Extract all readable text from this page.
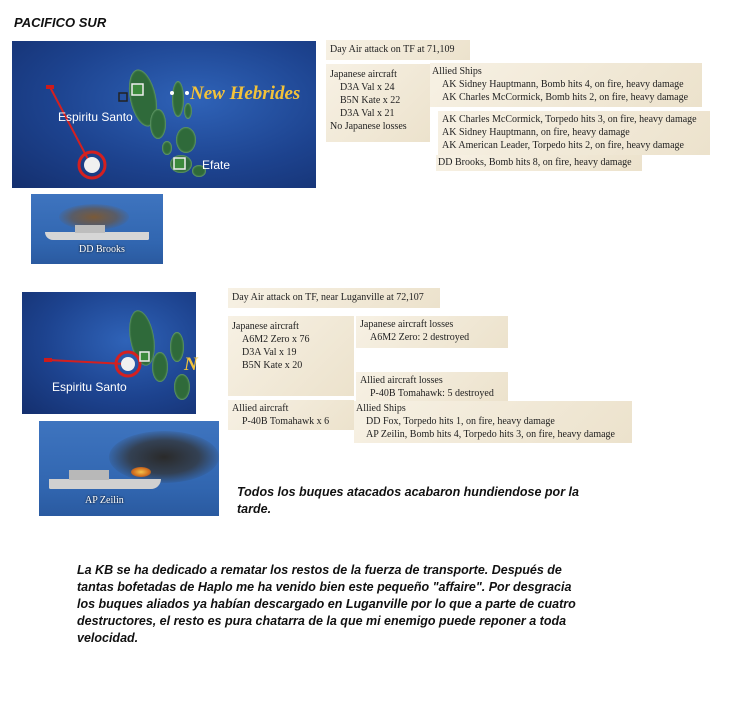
PACIFICO SUR
New Hebrides
Espiritu Santo
Efate
Day Air attack on TF at 71,109
Japanese aircraft
D3A Val x 24
B5N Kate x 22
D3A Val x 21
No Japanese losses
Allied Ships
AK Sidney Hauptmann, Bomb hits 4, on fire, heavy damage
AK Charles McCormick, Bomb hits 2, on fire, heavy damage
AK Charles McCormick, Torpedo hits 3, on fire, heavy damage
AK Sidney Hauptmann, on fire, heavy damage
AK American Leader, Torpedo hits 2, on fire, heavy damage
DD Brooks, Bomb hits 8, on fire, heavy damage
DD Brooks
N
Espiritu Santo
Day Air attack on TF, near Luganville at 72,107
Japanese aircraft
A6M2 Zero x 76
D3A Val x 19
B5N Kate x 20
Allied aircraft
P-40B Tomahawk x 6
Japanese aircraft losses
A6M2 Zero: 2 destroyed
Allied aircraft losses
P-40B Tomahawk: 5 destroyed
Allied Ships
DD Fox, Torpedo hits 1, on fire, heavy damage
AP Zeilin, Bomb hits 4, Torpedo hits 3, on fire, heavy damage
AP Zeilin
Todos los buques atacados acabaron hundiendose por la tarde.
La KB se ha dedicado a rematar los restos de la fuerza de transporte. Después de tantas bofetadas de Haplo me ha venido bien este pequeño "affaire". Por desgracia los buques aliados ya habían descargado en Luganville por lo que a parte de cuatro destructores, el resto es pura chatarra de la que mi enemigo puede reponer a toda velocidad.
